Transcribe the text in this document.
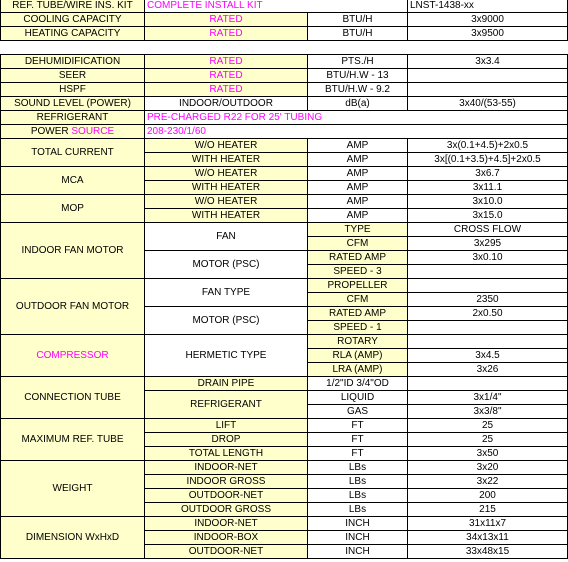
REF. TUBE/WIRE INS. KIT	COMPLETE INSTALL KIT		LNST-1438-xx
COOLING CAPACITY	RATED	BTU/H	3x9000
HEATING CAPACITY	RATED	BTU/H	3x9500

DEHUMIDIFICATION	RATED	PTS./H	3x3.4
SEER	RATED	BTU/H.W - 13	
HSPF	RATED	BTU/H.W - 9.2	
SOUND LEVEL (POWER)	INDOOR/OUTDOOR	dB(a)	3x40/(53-55)
REFRIGERANT	PRE-CHARGED R22 FOR 25' TUBING		
POWER SOURCE	208-230/1/60		
TOTAL CURRENT	W/O HEATER	AMP	3x(0.1+4.5)+2x0.5
	WITH HEATER	AMP	3x[(0.1+3.5)+4.5]+2x0.5
MCA	W/O HEATER	AMP	3x6.7
	WITH HEATER	AMP	3x11.1
MOP	W/O HEATER	AMP	3x10.0
	WITH HEATER	AMP	3x15.0
INDOOR FAN MOTOR	FAN	TYPE	CROSS FLOW
		CFM	3x295
	MOTOR (PSC)	RATED AMP	3x0.10
		SPEED - 3	
OUTDOOR FAN MOTOR	FAN TYPE	PROPELLER	
		CFM	2350
	MOTOR (PSC)	RATED AMP	2x0.50
		SPEED - 1	
COMPRESSOR	HERMETIC TYPE	ROTARY	
		RLA (AMP)	3x4.5
		LRA (AMP)	3x26
CONNECTION TUBE	DRAIN PIPE	1/2"ID 3/4"OD	
	REFRIGERANT	LIQUID	3x1/4"
		GAS	3x3/8"
MAXIMUM REF. TUBE	LIFT	FT	25
	DROP	FT	25
	TOTAL LENGTH	FT	3x50
WEIGHT	INDOOR-NET	LBs	3x20
	INDOOR GROSS	LBs	3x22
	OUTDOOR-NET	LBs	200
	OUTDOOR GROSS	LBs	215
DIMENSION WxHxD	INDOOR-NET	INCH	31x11x7
	INDOOR-BOX	INCH	34x13x11
	OUTDOOR-NET	INCH	33x48x15
